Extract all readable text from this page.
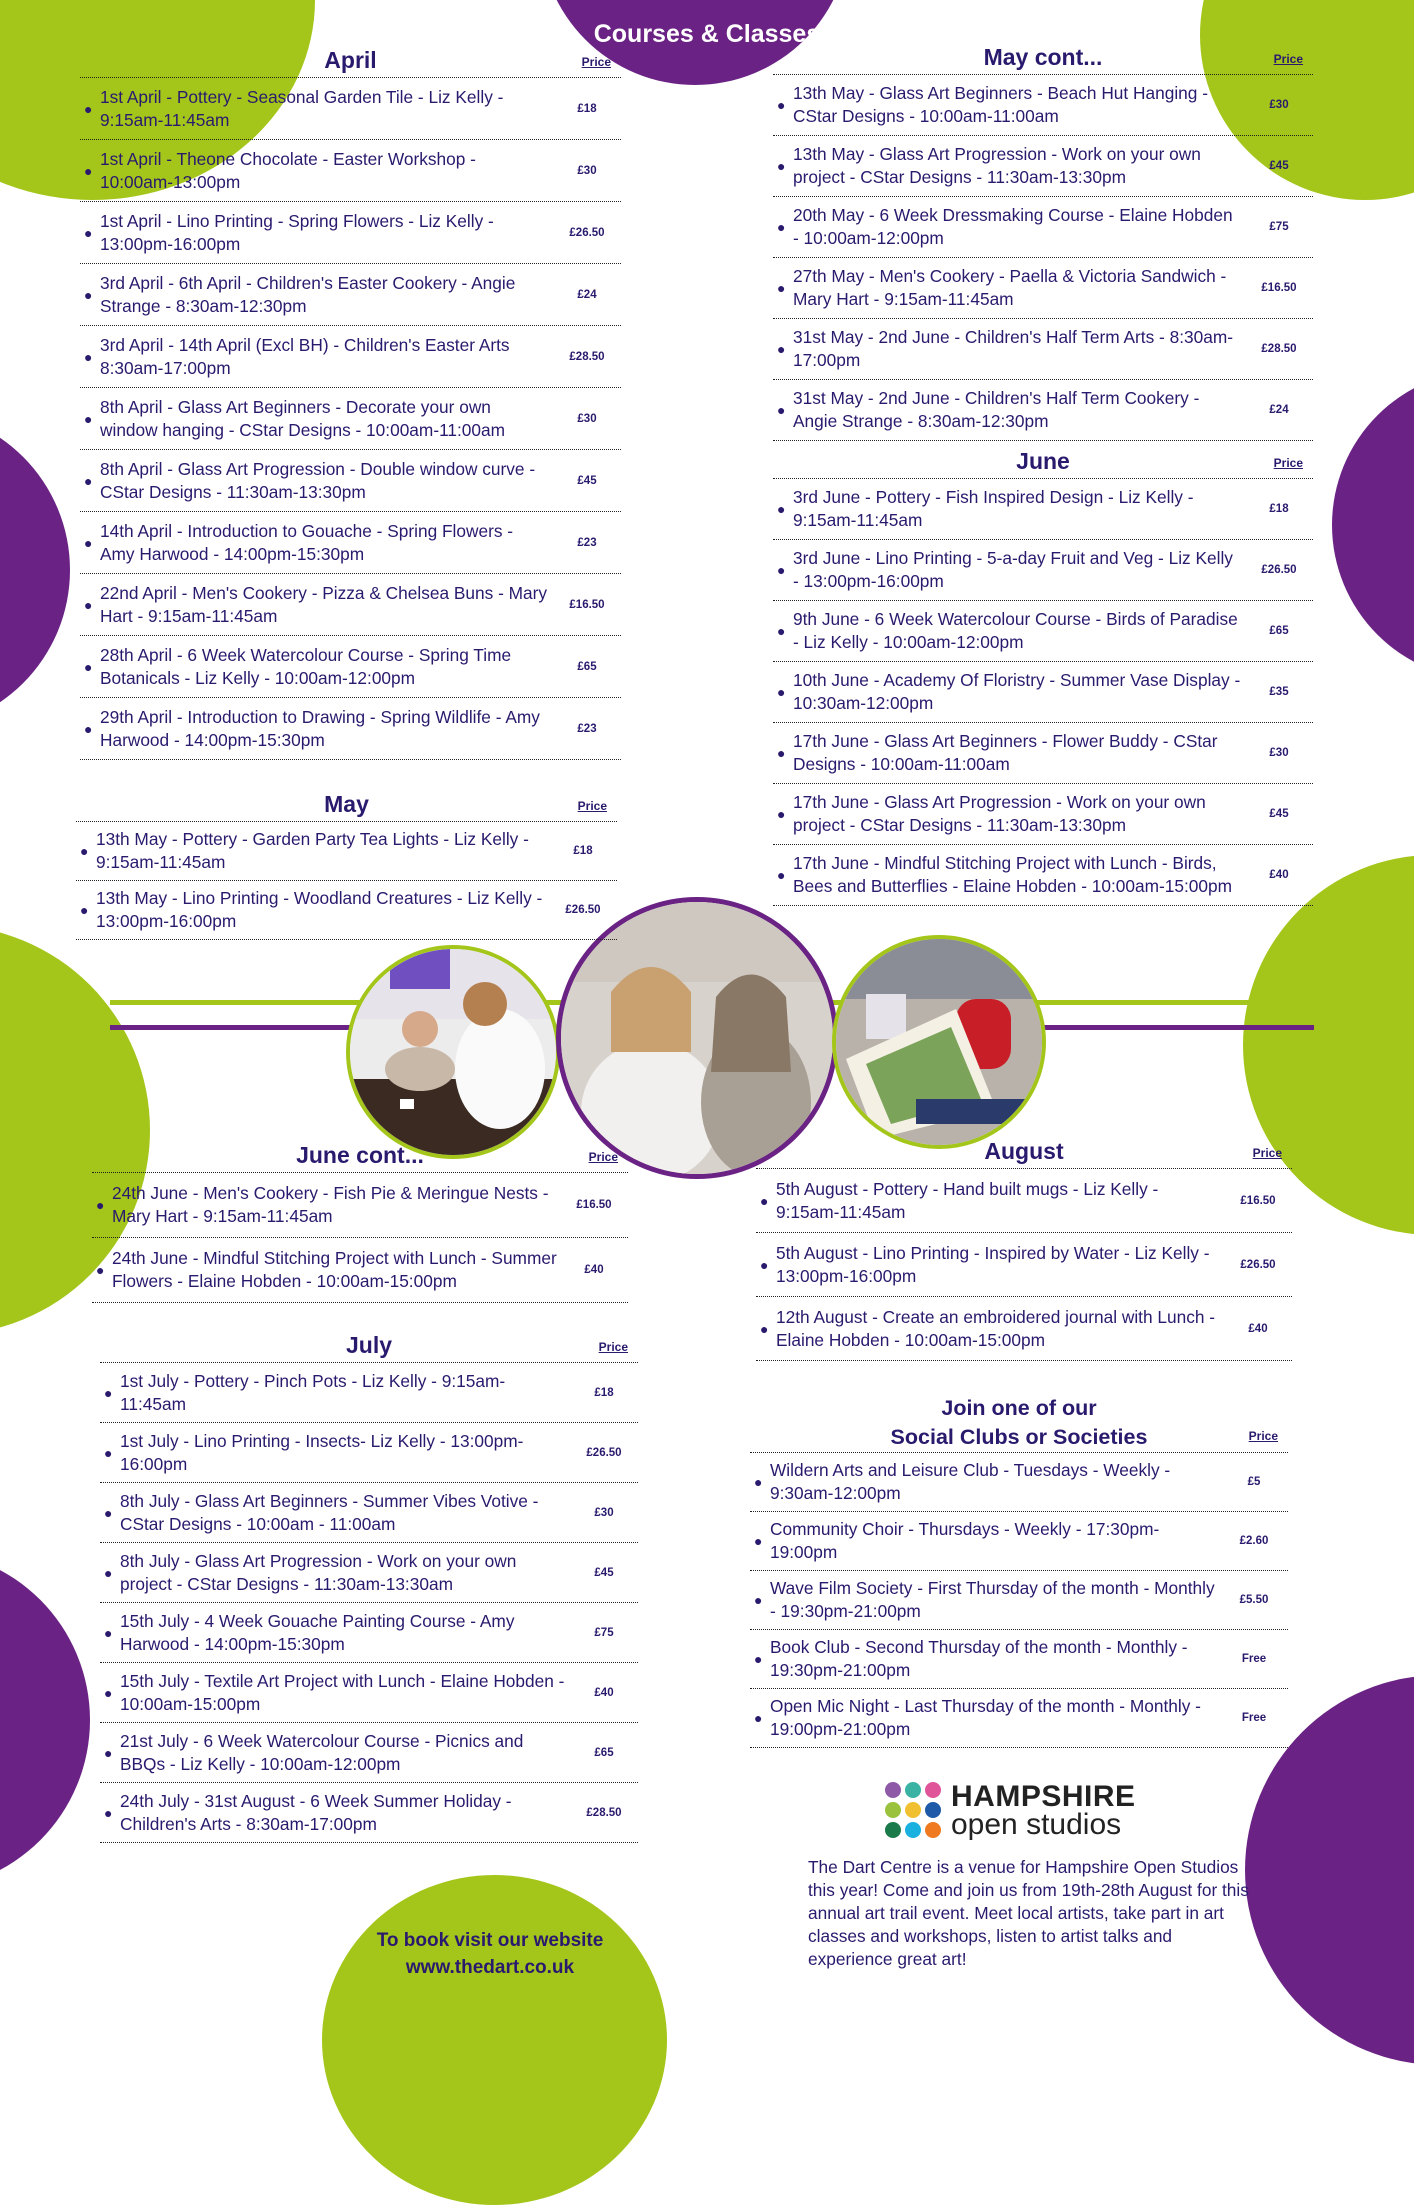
Courses & Classes
April	Price
●
1st April - Pottery - Seasonal Garden Tile - Liz Kelly - 9:15am-11:45am
£18
●
1st April - Theone Chocolate - Easter Workshop - 10:00am-13:00pm
£30
●
1st April - Lino Printing - Spring Flowers - Liz Kelly - 13:00pm-16:00pm
£26.50
●
3rd April - 6th April - Children's Easter Cookery - Angie Strange - 8:30am-12:30pm
£24
●
3rd April - 14th April (Excl BH) - Children's Easter Arts 8:30am-17:00pm
£28.50
●
8th April - Glass Art Beginners - Decorate your own window hanging - CStar Designs - 10:00am-11:00am
£30
●
8th April - Glass Art Progression - Double window curve - CStar Designs - 11:30am-13:30pm
£45
●
14th April - Introduction to Gouache - Spring Flowers - Amy Harwood - 14:00pm-15:30pm
£23
●
22nd April - Men's Cookery - Pizza & Chelsea Buns - Mary Hart - 9:15am-11:45am
£16.50
●
28th April - 6 Week Watercolour Course - Spring Time Botanicals - Liz Kelly - 10:00am-12:00pm
£65
●
29th April - Introduction to Drawing - Spring Wildlife - Amy Harwood - 14:00pm-15:30pm
£23
May	Price
●
13th May - Pottery - Garden Party Tea Lights - Liz Kelly - 9:15am-11:45am
£18
●
13th May - Lino Printing - Woodland Creatures - Liz Kelly - 13:00pm-16:00pm
£26.50
May cont...	Price
●
13th May - Glass Art Beginners - Beach Hut Hanging - CStar Designs - 10:00am-11:00am
£30
●
13th May - Glass Art Progression - Work on your own project - CStar Designs - 11:30am-13:30pm
£45
●
20th May - 6 Week Dressmaking Course - Elaine Hobden - 10:00am-12:00pm
£75
●
27th May - Men's Cookery - Paella & Victoria Sandwich - Mary Hart - 9:15am-11:45am
£16.50
●
31st May - 2nd June - Children's Half Term Arts - 8:30am-17:00pm
£28.50
●
31st May - 2nd June - Children's Half Term Cookery - Angie Strange - 8:30am-12:30pm
£24
June	Price
●
3rd June - Pottery - Fish Inspired Design - Liz Kelly - 9:15am-11:45am
£18
●
3rd June - Lino Printing - 5-a-day Fruit and Veg - Liz Kelly - 13:00pm-16:00pm
£26.50
●
9th June - 6 Week Watercolour Course - Birds of Paradise - Liz Kelly - 10:00am-12:00pm
£65
●
10th June - Academy Of Floristry - Summer Vase Display - 10:30am-12:00pm
£35
●
17th June - Glass Art Beginners - Flower Buddy - CStar Designs - 10:00am-11:00am
£30
●
17th June - Glass Art Progression - Work on your own project - CStar Designs - 11:30am-13:30pm
£45
●
17th June - Mindful Stitching Project with Lunch - Birds, Bees and Butterflies - Elaine Hobden - 10:00am-15:00pm
£40
June cont...	Price
●
24th June - Men's Cookery - Fish Pie & Meringue Nests - Mary Hart - 9:15am-11:45am
£16.50
●
24th June - Mindful Stitching Project with Lunch - Summer Flowers - Elaine Hobden - 10:00am-15:00pm
£40
July	Price
●
1st July - Pottery - Pinch Pots - Liz Kelly - 9:15am-11:45am
£18
●
1st July - Lino Printing - Insects- Liz Kelly - 13:00pm-16:00pm
£26.50
●
8th July - Glass Art Beginners - Summer Vibes Votive - CStar Designs - 10:00am - 11:00am
£30
●
8th July - Glass Art Progression - Work on your own project - CStar Designs - 11:30am-13:30am
£45
●
15th July - 4 Week Gouache Painting Course - Amy Harwood - 14:00pm-15:30pm
£75
●
15th July - Textile Art Project with Lunch - Elaine Hobden - 10:00am-15:00pm
£40
●
21st July - 6 Week Watercolour Course - Picnics and BBQs - Liz Kelly - 10:00am-12:00pm
£65
●
24th July - 31st August - 6 Week Summer Holiday - Children's Arts - 8:30am-17:00pm
£28.50
August	Price
●
5th August - Pottery - Hand built mugs - Liz Kelly - 9:15am-11:45am
£16.50
●
5th August - Lino Printing - Inspired by Water - Liz Kelly - 13:00pm-16:00pm
£26.50
●
12th August - Create an embroidered journal with Lunch - Elaine Hobden - 10:00am-15:00pm
£40
Join one of our
Social Clubs or Societies	Price
●
Wildern Arts and Leisure Club - Tuesdays - Weekly - 9:30am-12:00pm
£5
●
Community Choir - Thursdays - Weekly - 17:30pm-19:00pm
£2.60
●
Wave Film Society - First Thursday of the month - Monthly - 19:30pm-21:00pm
£5.50
●
Book Club - Second Thursday of the month - Monthly - 19:30pm-21:00pm
Free
●
Open Mic Night - Last Thursday of the month - Monthly - 19:00pm-21:00pm
Free
HAMPSHIRE
open studios
The Dart Centre is a venue for Hampshire Open Studios this year! Come and join us from 19th-28th August for this annual art trail event. Meet local artists, take part in art classes and workshops, listen to artist talks and experience great art!
To book visit our website
www.thedart.co.uk
